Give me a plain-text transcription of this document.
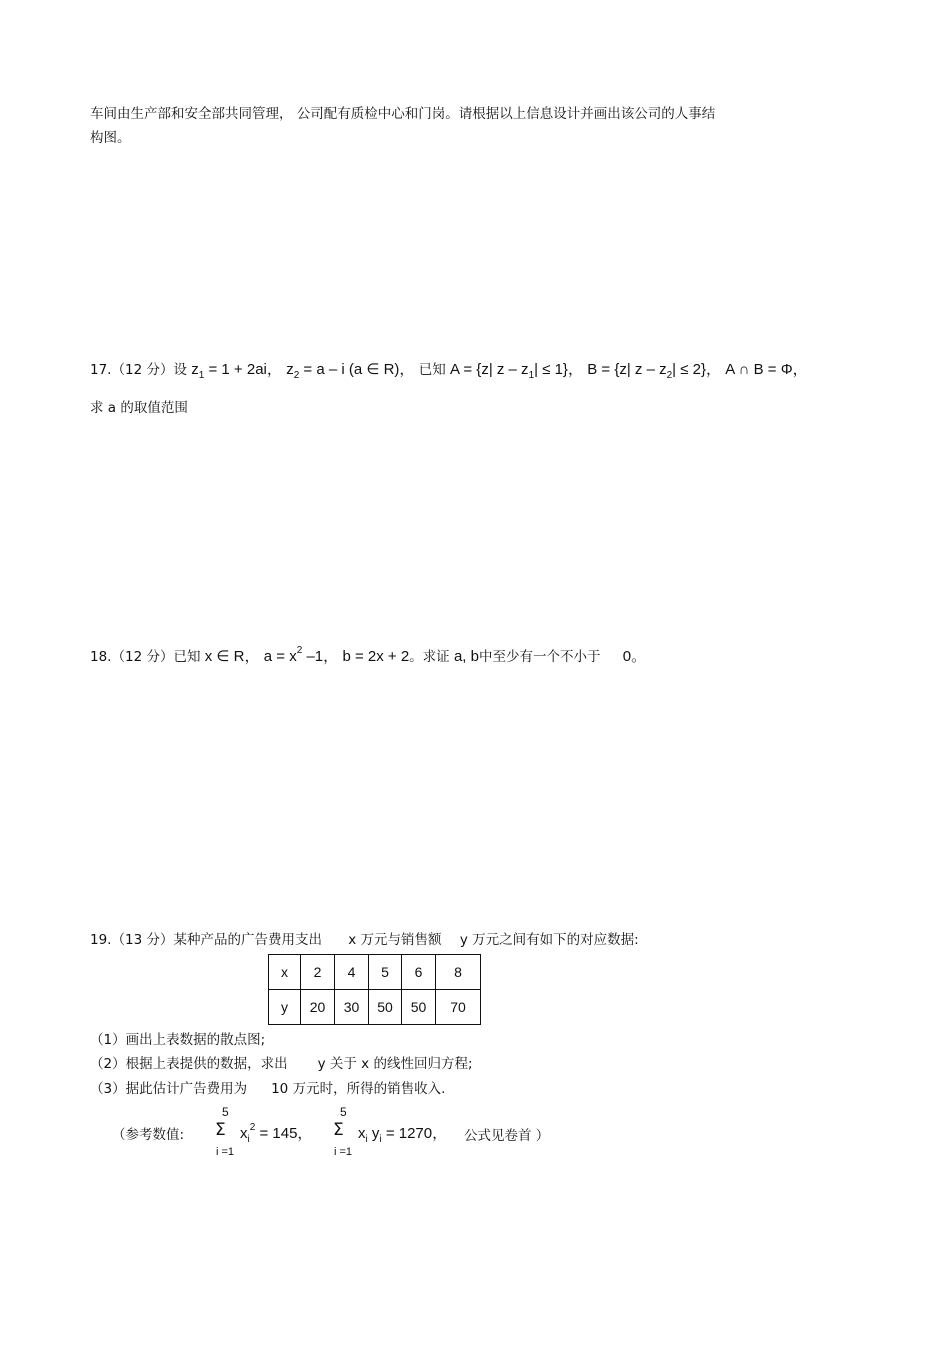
车间由生产部和安全部共同管理， 公司配有质检中心和门岗。请根据以上信息设计并画出该公司的人事结
构图。
17.（12 分）设 $z_1 = 1 + 2ai$， $z_2 = a - i$ (a ∈ R)， 已知 A = {z| $z - z_1| \le 1$}， B = {z| $z - z_2| \le 2$}， A ∩ B = Φ，
求 a 的取值范围
18.（12 分）已知 x ∈ R， $a = x^2$ –1， b = 2x + 2。求证 a, b中至少有一个不小于 0。
19.（13 分）某种产品的广告费用支出 x 万元与销售额 y 万元之间有如下的对应数据:
x	2	4	5	6	8
y	20	30	50	50	70
（1）画出上表数据的散点图;
（2）根据上表提供的数据，求出 y 关于 x 的线性回归方程;
（3）据此估计广告费用为 10 万元时，所得的销售收入.
（参考数值:
5
Σ
i =1
$x_i^2 = 145$，
5
Σ
i =1
$x_i$ $y_i = 1270$， 公式见卷首 ）
